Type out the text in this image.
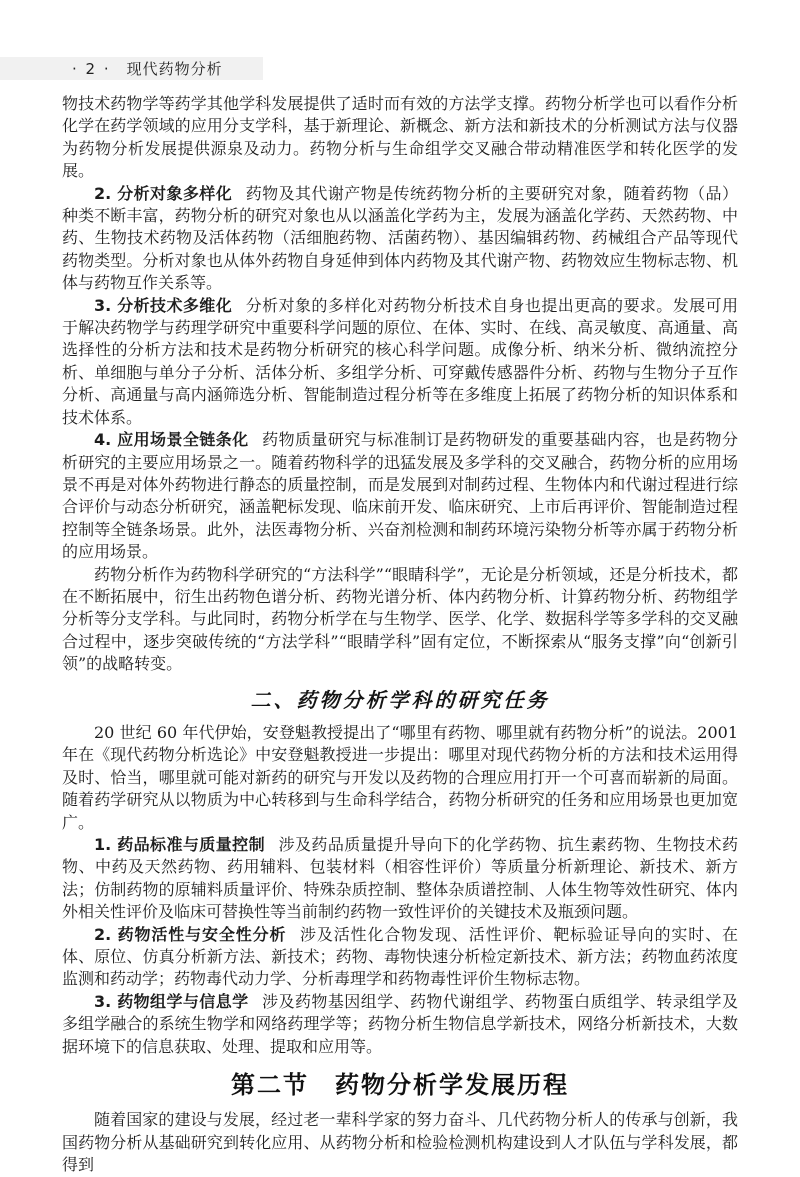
· 2 · 现代药物分析

物技术药物学等药学其他学科发展提供了适时而有效的方法学支撑。药物分析学也可以看作分析化学在药学领域的应用分支学科，基于新理论、新概念、新方法和新技术的分析测试方法与仪器为药物分析发展提供源泉及动力。药物分析与生命组学交叉融合带动精准医学和转化医学的发展。

2. 分析对象多样化 药物及其代谢产物是传统药物分析的主要研究对象，随着药物（品）种类不断丰富，药物分析的研究对象也从以涵盖化学药为主，发展为涵盖化学药、天然药物、中药、生物技术药物及活体药物（活细胞药物、活菌药物）、基因编辑药物、药械组合产品等现代药物类型。分析对象也从体外药物自身延伸到体内药物及其代谢产物、药物效应生物标志物、机体与药物互作关系等。

3. 分析技术多维化 分析对象的多样化对药物分析技术自身也提出更高的要求。发展可用于解决药物学与药理学研究中重要科学问题的原位、在体、实时、在线、高灵敏度、高通量、高选择性的分析方法和技术是药物分析研究的核心科学问题。成像分析、纳米分析、微纳流控分析、单细胞与单分子分析、活体分析、多组学分析、可穿戴传感器件分析、药物与生物分子互作分析、高通量与高内涵筛选分析、智能制造过程分析等在多维度上拓展了药物分析的知识体系和技术体系。

4. 应用场景全链条化 药物质量研究与标准制订是药物研发的重要基础内容，也是药物分析研究的主要应用场景之一。随着药物科学的迅猛发展及多学科的交叉融合，药物分析的应用场景不再是对体外药物进行静态的质量控制，而是发展到对制药过程、生物体内和代谢过程进行综合评价与动态分析研究，涵盖靶标发现、临床前开发、临床研究、上市后再评价、智能制造过程控制等全链条场景。此外，法医毒物分析、兴奋剂检测和制药环境污染物分析等亦属于药物分析的应用场景。

药物分析作为药物科学研究的“方法科学”“眼睛科学”，无论是分析领域，还是分析技术，都在不断拓展中，衍生出药物色谱分析、药物光谱分析、体内药物分析、计算药物分析、药物组学分析等分支学科。与此同时，药物分析学在与生物学、医学、化学、数据科学等多学科的交叉融合过程中，逐步突破传统的“方法学科”“眼睛学科”固有定位，不断探索从“服务支撑”向“创新引领”的战略转变。

二、药物分析学科的研究任务

20 世纪 60 年代伊始，安登魁教授提出了“哪里有药物、哪里就有药物分析”的说法。2001 年在《现代药物分析选论》中安登魁教授进一步提出：哪里对现代药物分析的方法和技术运用得及时、恰当，哪里就可能对新药的研究与开发以及药物的合理应用打开一个可喜而崭新的局面。随着药学研究从以物质为中心转移到与生命科学结合，药物分析研究的任务和应用场景也更加宽广。

1. 药品标准与质量控制 涉及药品质量提升导向下的化学药物、抗生素药物、生物技术药物、中药及天然药物、药用辅料、包装材料（相容性评价）等质量分析新理论、新技术、新方法；仿制药物的原辅料质量评价、特殊杂质控制、整体杂质谱控制、人体生物等效性研究、体内外相关性评价及临床可替换性等当前制约药物一致性评价的关键技术及瓶颈问题。

2. 药物活性与安全性分析 涉及活性化合物发现、活性评价、靶标验证导向的实时、在体、原位、仿真分析新方法、新技术；药物、毒物快速分析检定新技术、新方法；药物血药浓度监测和药动学；药物毒代动力学、分析毒理学和药物毒性评价生物标志物。

3. 药物组学与信息学 涉及药物基因组学、药物代谢组学、药物蛋白质组学、转录组学及多组学融合的系统生物学和网络药理学等；药物分析生物信息学新技术，网络分析新技术，大数据环境下的信息获取、处理、提取和应用等。

第二节　药物分析学发展历程

随着国家的建设与发展，经过老一辈科学家的努力奋斗、几代药物分析人的传承与创新，我国药物分析从基础研究到转化应用、从药物分析和检验检测机构建设到人才队伍与学科发展，都得到
